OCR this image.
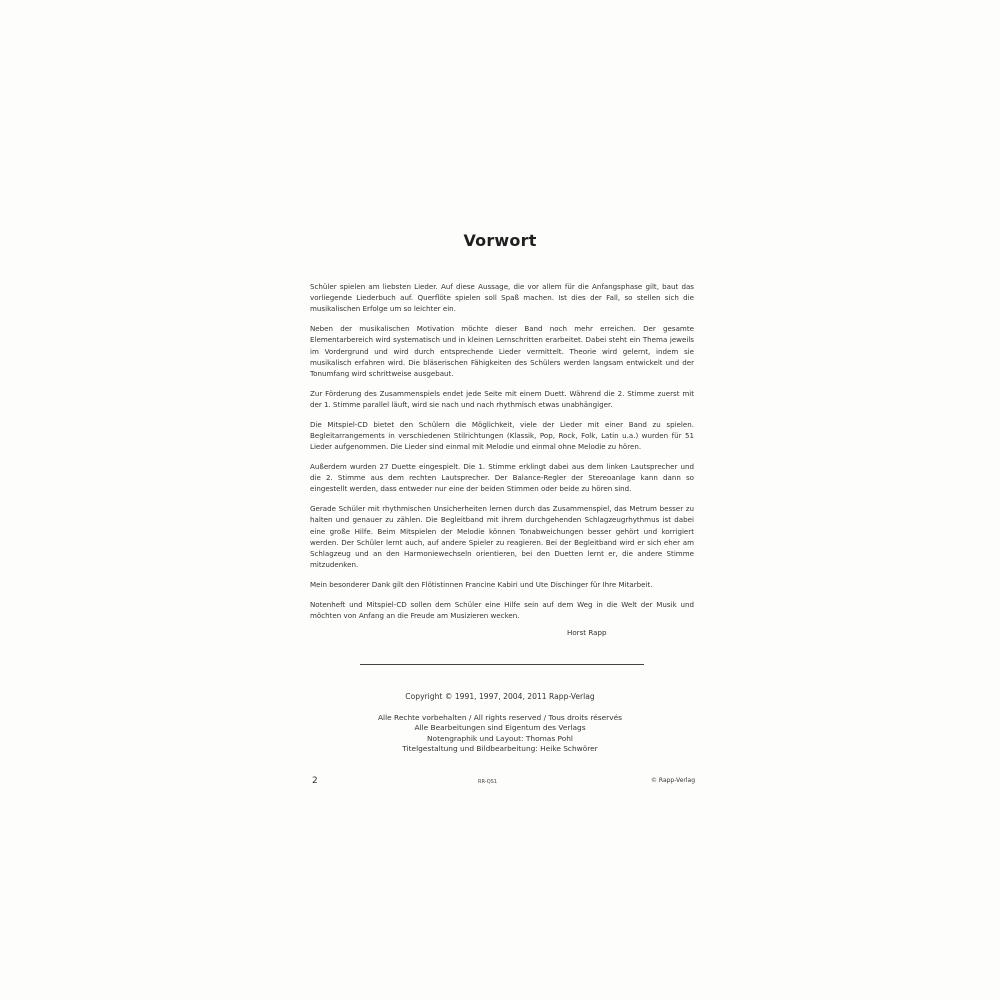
Vorwort

Schüler spielen am liebsten Lieder. Auf diese Aussage, die vor allem für die Anfangsphase gilt, baut das vorliegende Liederbuch auf. Querflöte spielen soll Spaß machen. Ist dies der Fall, so stellen sich die musikalischen Erfolge um so leichter ein.

Neben der musikalischen Motivation möchte dieser Band noch mehr erreichen. Der gesamte Elementarbereich wird systematisch und in kleinen Lernschritten erarbeitet. Dabei steht ein Thema jeweils im Vordergrund und wird durch entsprechende Lieder vermittelt. Theorie wird gelernt, indem sie musikalisch erfahren wird. Die bläserischen Fähigkeiten des Schülers werden langsam entwickelt und der Tonumfang wird schrittweise ausgebaut.

Zur Förderung des Zusammenspiels endet jede Seite mit einem Duett. Während die 2. Stimme zuerst mit der 1. Stimme parallel läuft, wird sie nach und nach rhythmisch etwas unabhängiger.

Die Mitspiel-CD bietet den Schülern die Möglichkeit, viele der Lieder mit einer Band zu spielen. Begleitarrangements in verschiedenen Stilrichtungen (Klassik, Pop, Rock, Folk, Latin u.a.) wurden für 51 Lieder aufgenommen. Die Lieder sind einmal mit Melodie und einmal ohne Melodie zu hören.

Außerdem wurden 27 Duette eingespielt. Die 1. Stimme erklingt dabei aus dem linken Lautsprecher und die 2. Stimme aus dem rechten Lautsprecher. Der Balance-Regler der Stereoanlage kann dann so eingestellt werden, dass entweder nur eine der beiden Stimmen oder beide zu hören sind.

Gerade Schüler mit rhythmischen Unsicherheiten lernen durch das Zusammenspiel, das Metrum besser zu halten und genauer zu zählen. Die Begleitband mit ihrem durchgehenden Schlagzeugrhythmus ist dabei eine große Hilfe. Beim Mitspielen der Melodie können Tonabweichungen besser gehört und korrigiert werden. Der Schüler lernt auch, auf andere Spieler zu reagieren. Bei der Begleitband wird er sich eher am Schlagzeug und an den Harmoniewechseln orientieren, bei den Duetten lernt er, die andere Stimme mitzudenken.

Mein besonderer Dank gilt den Flötistinnen Francine Kabiri und Ute Dischinger für Ihre Mitarbeit.

Notenheft und Mitspiel-CD sollen dem Schüler eine Hilfe sein auf dem Weg in die Welt der Musik und möchten von Anfang an die Freude am Musizieren wecken.

Horst Rapp
Copyright © 1991, 1997, 2004, 2011 Rapp-Verlag
Alle Rechte vorbehalten / All rights reserved / Tous droits réservés
Alle Bearbeitungen sind Eigentum des Verlags
Notengraphik und Layout: Thomas Pohl
Titelgestaltung und Bildbearbeitung: Heike Schwörer
2	RR-QS1	© Rapp-Verlag
